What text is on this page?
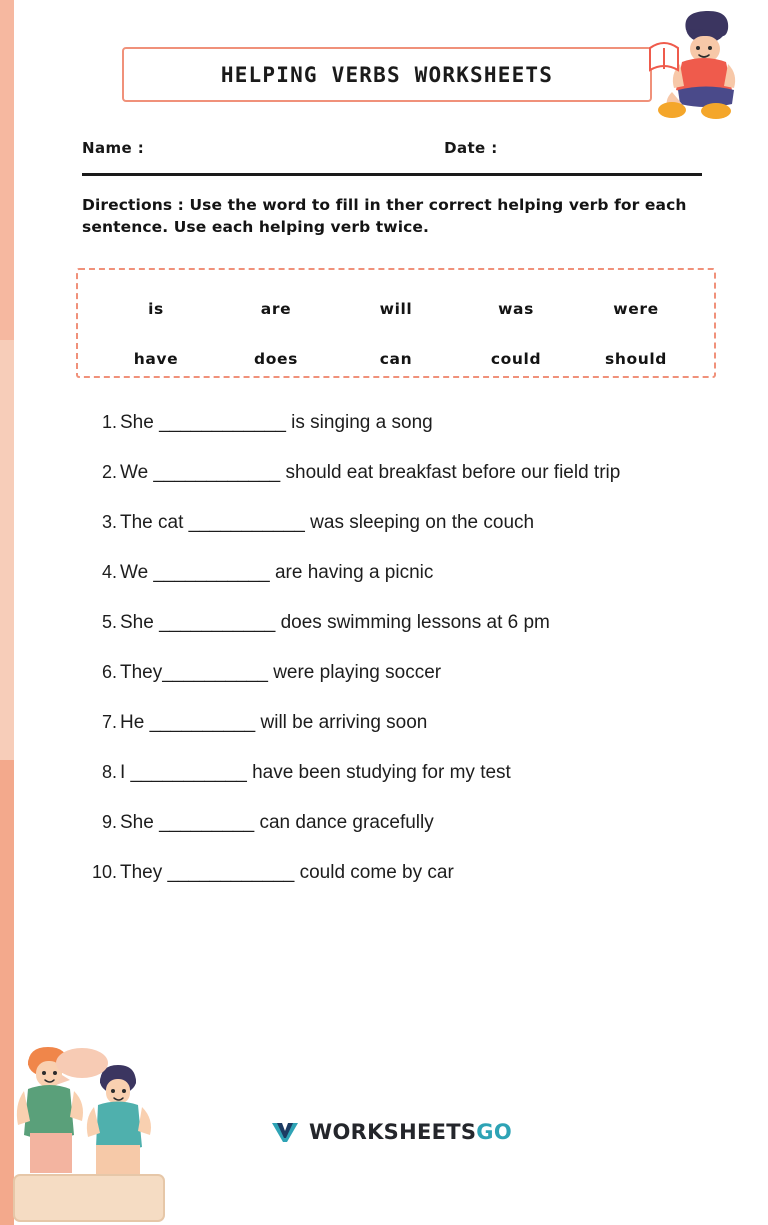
HELPING VERBS WORKSHEETS
Name :	Date :
Directions : Use the word to fill in ther correct helping verb for each sentence. Use each helping verb twice.
is	are	will	was	were
have	does	can	could	should
1. She ____________ is singing a song
2. We ____________ should eat breakfast before our field trip
3. The cat ___________ was sleeping on the couch
4. We ___________ are having a picnic
5. She ___________ does swimming lessons at 6 pm
6. They__________ were playing soccer
7. He __________ will be arriving soon
8. I ___________ have been studying for my test
9. She _________ can dance gracefully
10. They ____________ could come by car
WORKSHEETSGO
